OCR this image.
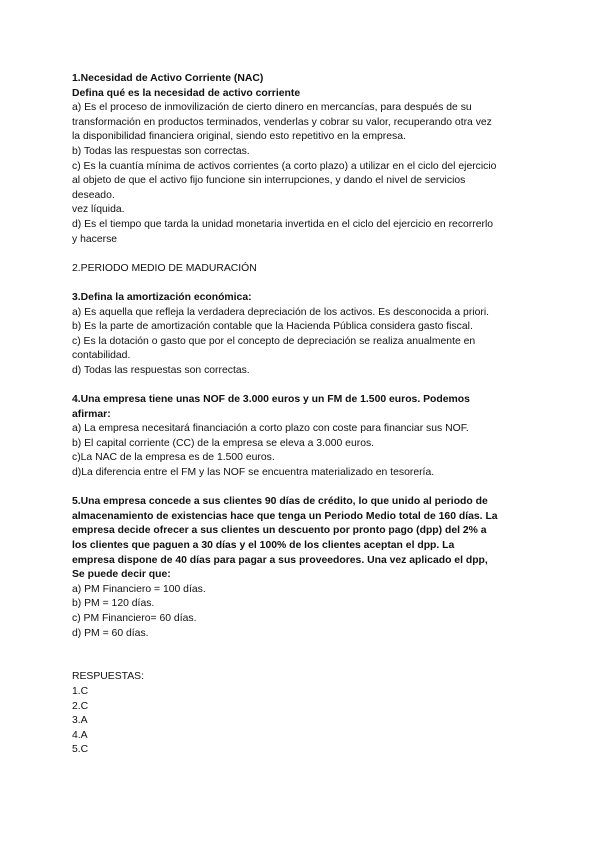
1.Necesidad de Activo Corriente (NAC)
Defina qué es la necesidad de activo corriente
a) Es el proceso de inmovilización de cierto dinero en mercancías, para después de su
transformación en productos terminados, venderlas y cobrar su valor, recuperando otra vez
la disponibilidad financiera original, siendo esto repetitivo en la empresa.
b) Todas las respuestas son correctas.
c) Es la cuantía mínima de activos corrientes (a corto plazo) a utilizar en el ciclo del ejercicio
al objeto de que el activo fijo funcione sin interrupciones, y dando el nivel de servicios
deseado.
vez líquida.
d) Es el tiempo que tarda la unidad monetaria invertida en el ciclo del ejercicio en recorrerlo
y hacerse
2.PERIODO MEDIO DE MADURACIÓN
3.Defina la amortización económica:
a) Es aquella que refleja la verdadera depreciación de los activos. Es desconocida a priori.
b) Es la parte de amortización contable que la Hacienda Pública considera gasto fiscal.
c) Es la dotación o gasto que por el concepto de depreciación se realiza anualmente en
contabilidad.
d) Todas las respuestas son correctas.
4.Una empresa tiene unas NOF de 3.000 euros y un FM de 1.500 euros. Podemos
afirmar:
a) La empresa necesitará financiación a corto plazo con coste para financiar sus NOF.
b) El capital corriente (CC) de la empresa se eleva a 3.000 euros.
c)La NAC de la empresa es de 1.500 euros.
d)La diferencia entre el FM y las NOF se encuentra materializado en tesorería.
5.Una empresa concede a sus clientes 90 días de crédito, lo que unido al periodo de
almacenamiento de existencias hace que tenga un Periodo Medio total de 160 días. La
empresa decide ofrecer a sus clientes un descuento por pronto pago (dpp) del 2% a
los clientes que paguen a 30 días y el 100% de los clientes aceptan el dpp. La
empresa dispone de 40 días para pagar a sus proveedores. Una vez aplicado el dpp,
Se puede decir que:
a) PM Financiero = 100 días.
b) PM = 120 días.
c) PM Financiero= 60 días.
d) PM = 60 días.
RESPUESTAS:
1.C
2.C
3.A
4.A
5.C
